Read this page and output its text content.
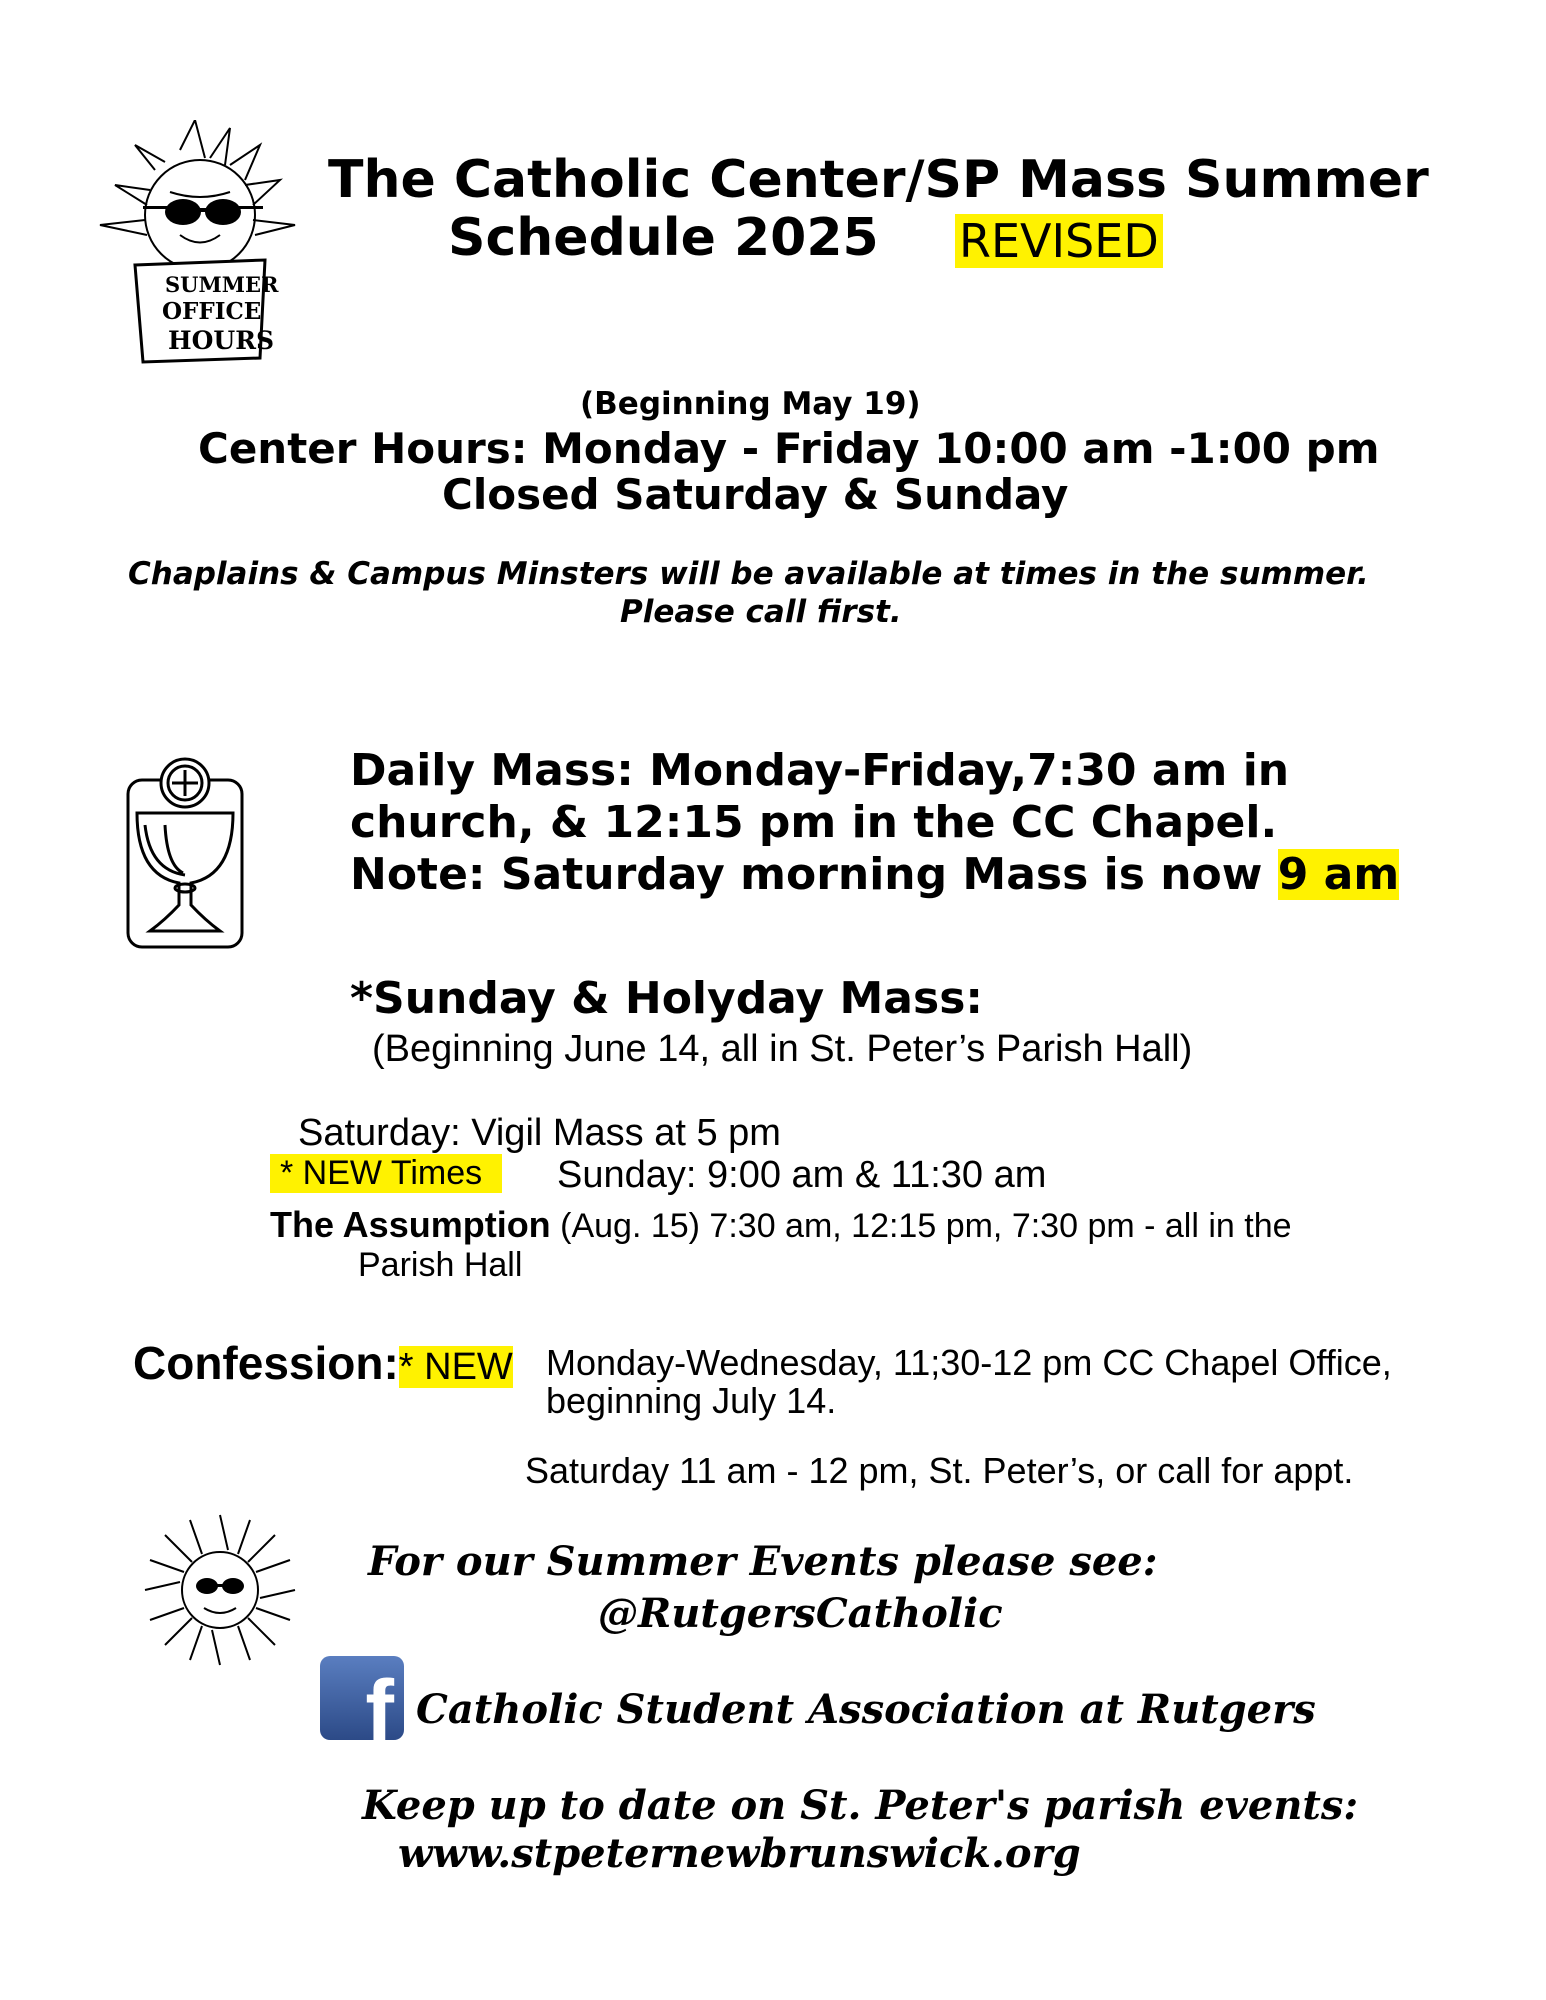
SUMMER
OFFICE
HOURS
The Catholic Center/SP Mass Summer
Schedule 2025 REVISED
(Beginning May 19)
Center Hours: Monday - Friday 10:00 am -1:00 pm
Closed Saturday & Sunday
Chaplains & Campus Minsters will be available at times in the summer.
Please call first.
Daily Mass: Monday-Friday,7:30 am in
church, & 12:15 pm in the CC Chapel.
Note: Saturday morning Mass is now 9 am
*Sunday & Holyday Mass:
(Beginning June 14, all in St. Peter’s Parish Hall)
Saturday: Vigil Mass at 5 pm
* NEW Times	Sunday: 9:00 am & 11:30 am
The Assumption (Aug. 15) 7:30 am, 12:15 pm, 7:30 pm - all in the
Parish Hall
Confession:* NEW Monday-Wednesday, 11;30-12 pm CC Chapel Office,
beginning July 14.
Saturday 11 am - 12 pm, St. Peter’s, or call for appt.
For our Summer Events please see:
@RutgersCatholic
f Catholic Student Association at Rutgers
Keep up to date on St. Peter's parish events:
www.stpeternewbrunswick.org
